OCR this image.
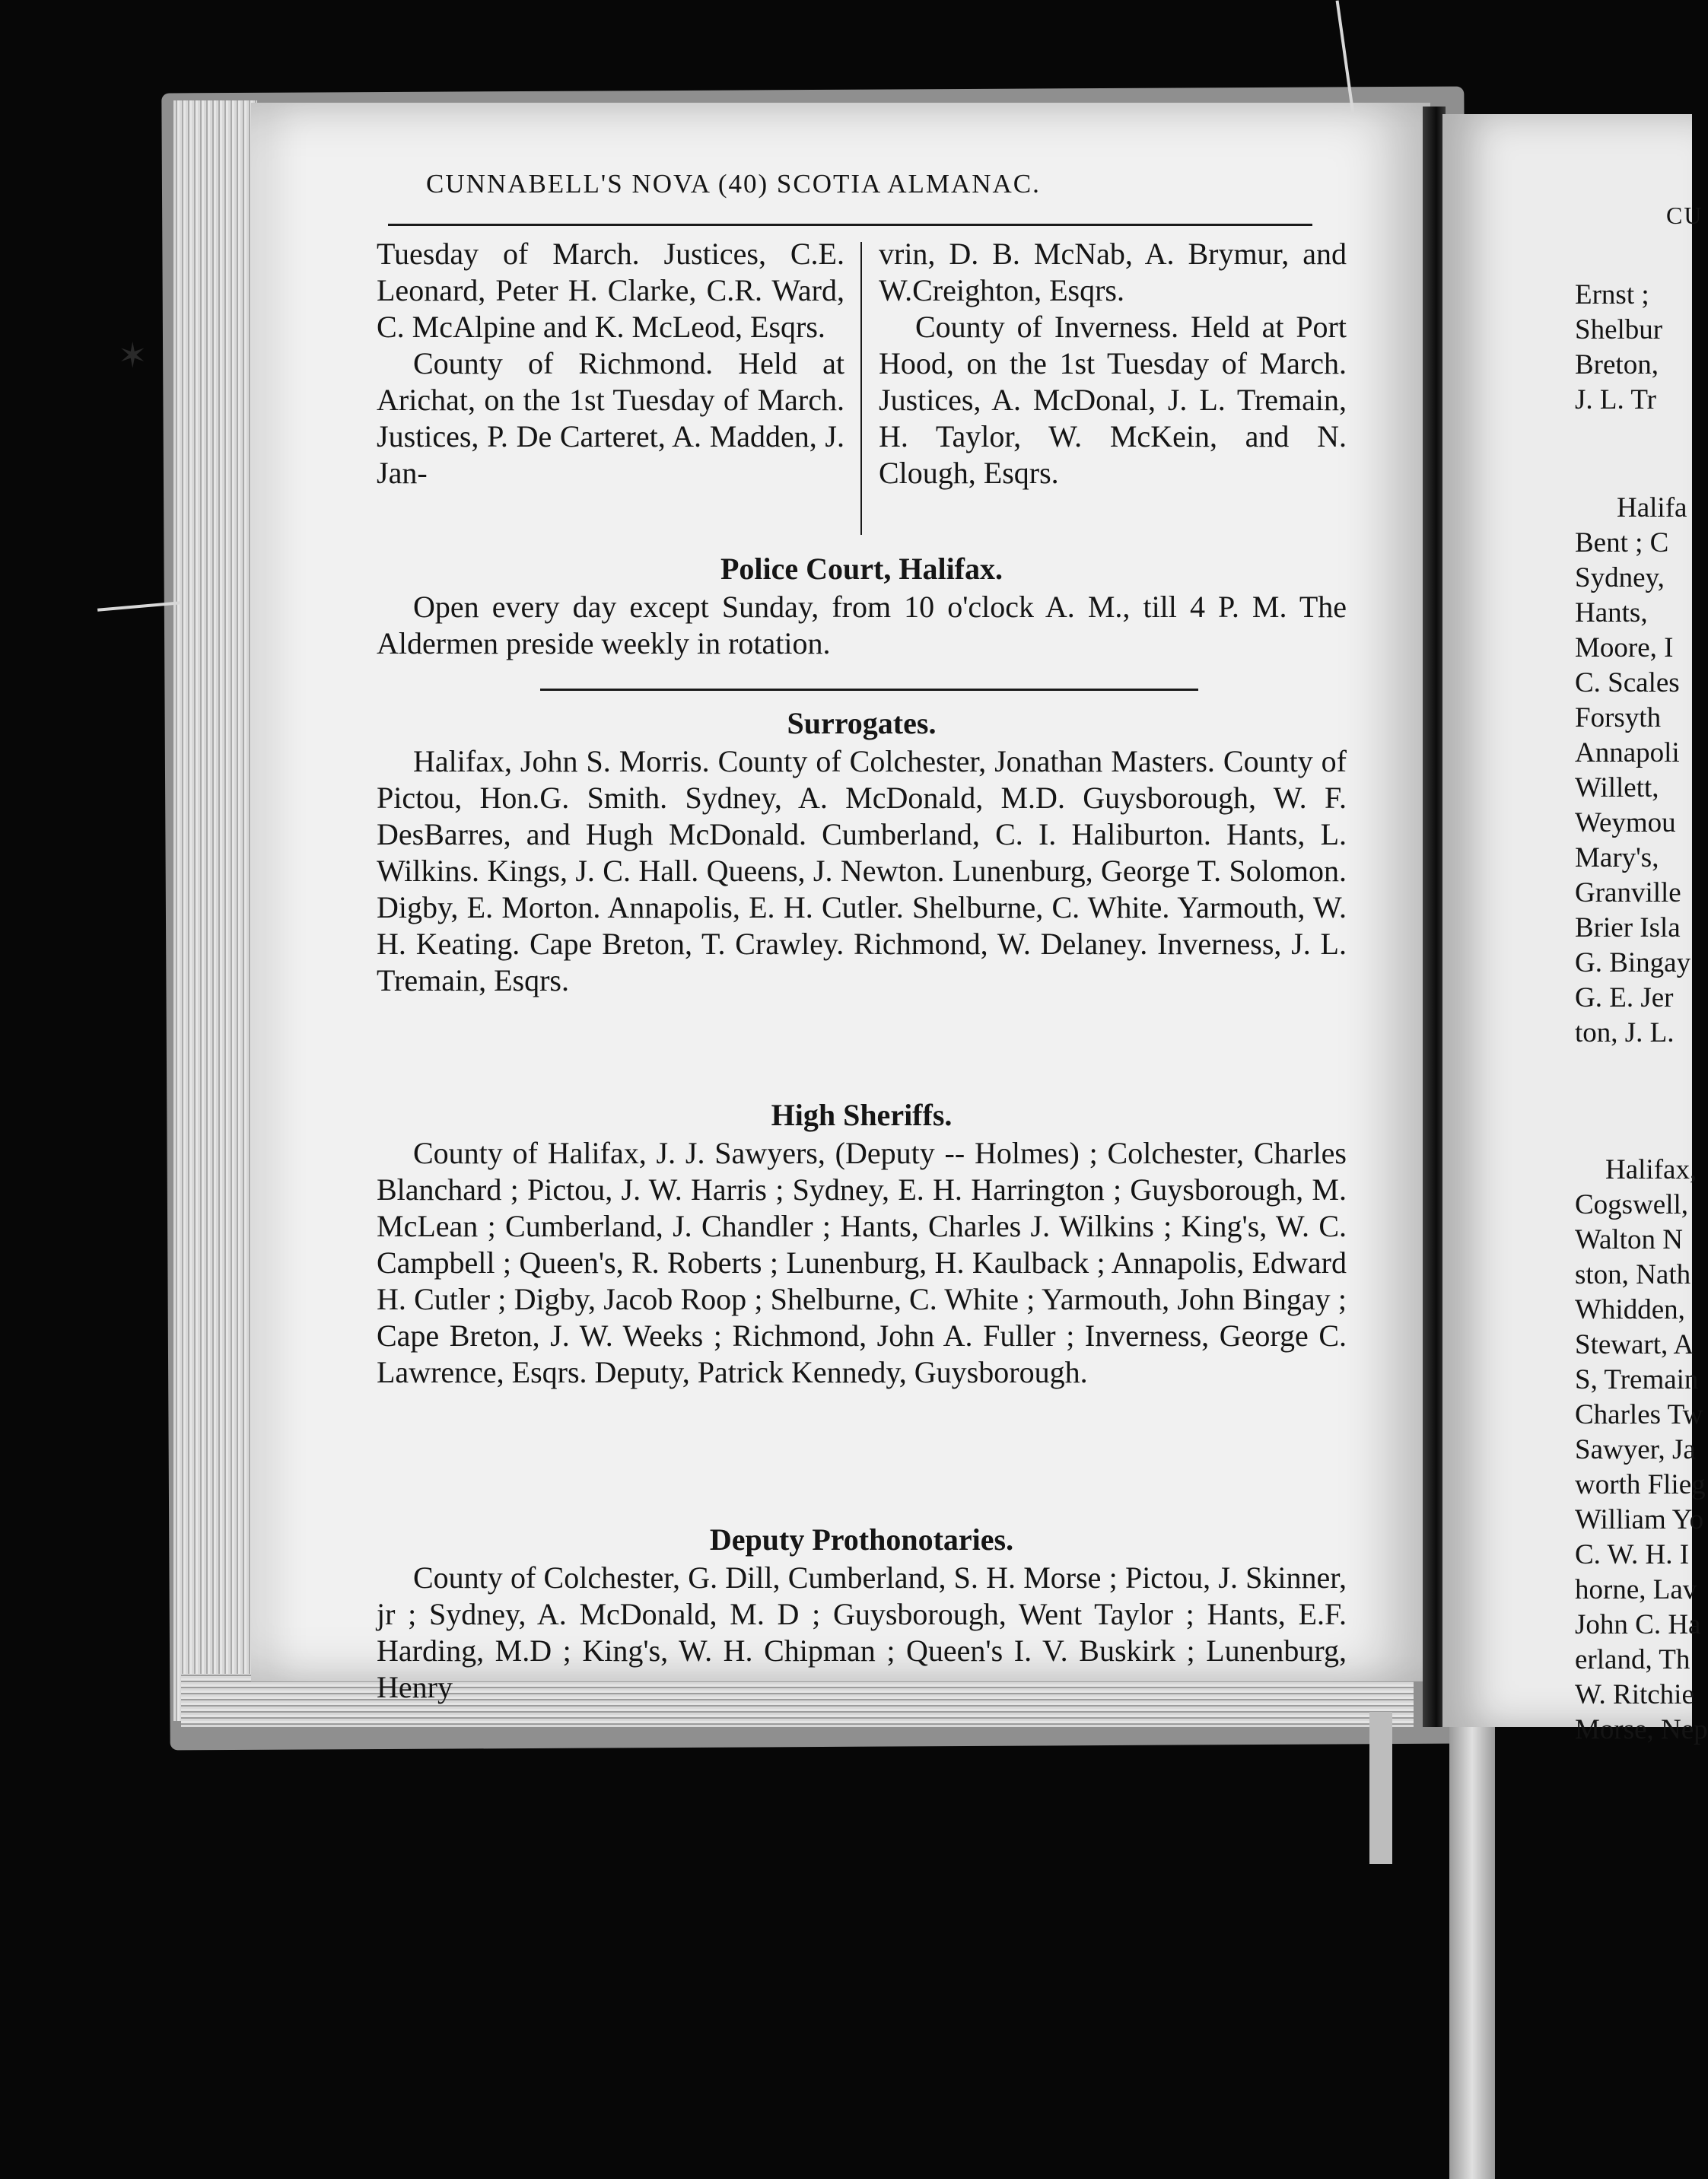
✶
CUNNABELL'S NOVA (40) SCOTIA ALMANAC.

Tuesday of March. Justices, C.E. Leonard, Peter H. Clarke, C.R. Ward, C. McAlpine and K. McLeod, Esqrs.

County of Richmond. Held at Arichat, on the 1st Tuesday of March. Justices, P. De Carteret, A. Madden, J. Jan-

vrin, D. B. McNab, A. Brymur, and W.Creighton, Esqrs.

County of Inverness. Held at Port Hood, on the 1st Tuesday of March. Justices, A. McDonal, J. L. Tremain, H. Taylor, W. McKein, and N. Clough, Esqrs.

Police Court, Halifax.

Open every day except Sunday, from 10 o'clock A. M., till 4 P. M. The Aldermen preside weekly in rotation.

Surrogates.

Halifax, John S. Morris. County of Colchester, Jonathan Masters. County of Pictou, Hon.G. Smith. Sydney, A. McDonald, M.D. Guysborough, W. F. DesBarres, and Hugh McDonald. Cumberland, C. I. Haliburton. Hants, L. Wilkins. Kings, J. C. Hall. Queens, J. Newton. Lunenburg, George T. Solomon. Digby, E. Morton. Annapolis, E. H. Cutler. Shelburne, C. White. Yarmouth, W. H. Keating. Cape Breton, T. Crawley. Richmond, W. Delaney. Inverness, J. L. Tremain, Esqrs.

High Sheriffs.

County of Halifax, J. J. Sawyers, (Deputy -- Holmes) ; Colchester, Charles Blanchard ; Pictou, J. W. Harris ; Sydney, E. H. Harrington ; Guysborough, M. McLean ; Cumberland, J. Chandler ; Hants, Charles J. Wilkins ; King's, W. C. Campbell ; Queen's, R. Roberts ; Lunenburg, H. Kaulback ; Annapolis, Edward H. Cutler ; Digby, Jacob Roop ; Shelburne, C. White ; Yarmouth, John Bingay ; Cape Breton, J. W. Weeks ; Richmond, John A. Fuller ; Inverness, George C. Lawrence, Esqrs. Deputy, Patrick Kennedy, Guysborough.

Deputy Prothonotaries.

County of Colchester, G. Dill, Cumberland, S. H. Morse ; Pictou, J. Skinner, jr ; Sydney, A. McDonald, M. D ; Guysborough, Went Taylor ; Hants, E.F. Harding, M.D ; King's, W. H. Chipman ; Queen's I. V. Buskirk ; Lunenburg, Henry

CU
Ernst ;
Shelbur
Breton,
J. L. Tr
Halifa
Bent ; C
Sydney,
Hants,
Moore, I
C. Scales
Forsyth
Annapoli
Willett,
Weymou
Mary's,
Granville
Brier Isla
G. Bingay
G. E. Jer
ton, J. L.
Halifax,
Cogswell,
Walton N
ston, Nath
Whidden,
Stewart, A
S, Tremain
Charles Tw
Sawyer, Ja
worth Flieg
William Yo
C. W. H. I
horne, Lav
John C. Ha
erland, Th
W. Ritchie
Morse, Nep
